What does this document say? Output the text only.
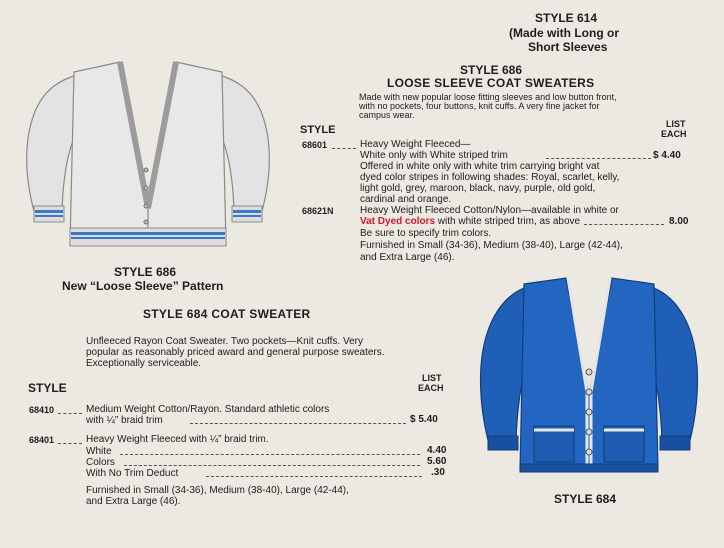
STYLE 614
(Made with Long or
Short Sleeves
STYLE 686
LOOSE SLEEVE COAT SWEATERS
Made with new popular loose fitting sleeves and low button front,
with no pockets, four buttons, knit cuffs. A very fine jacket for
campus wear.
STYLE	LIST
EACH
68601	Heavy Weight Fleeced—
White only with White striped trim	$ 4.40
Offered in white only with white trim carrying bright vat
dyed color stripes in following shades: Royal, scarlet, kelly,
light gold, grey, maroon, black, navy, purple, old gold,
cardinal and orange.
68621N	Heavy Weight Fleeced Cotton/Nylon—available in white or
Vat Dyed colors with white striped trim, as above	8.00
Be sure to specify trim colors.
Furnished in Small (34-36), Medium (38-40), Large (42-44),
and Extra Large (46).
STYLE 686
New “Loose Sleeve” Pattern
STYLE 684 COAT SWEATER
Unfleeced Rayon Coat Sweater. Two pockets—Knit cuffs. Very
popular as reasonably priced award and general purpose sweaters.
Exceptionally serviceable.
STYLE
LIST
EACH
68410	Medium Weight Cotton/Rayon. Standard athletic colors
with ¼” braid trim	$ 5.40
68401	Heavy Weight Fleeced with ¼” braid trim.
White	4.40
Colors	5.60
With No Trim Deduct	.30
Furnished in Small (34-36), Medium (38-40), Large (42-44),
and Extra Large (46).	STYLE 684
